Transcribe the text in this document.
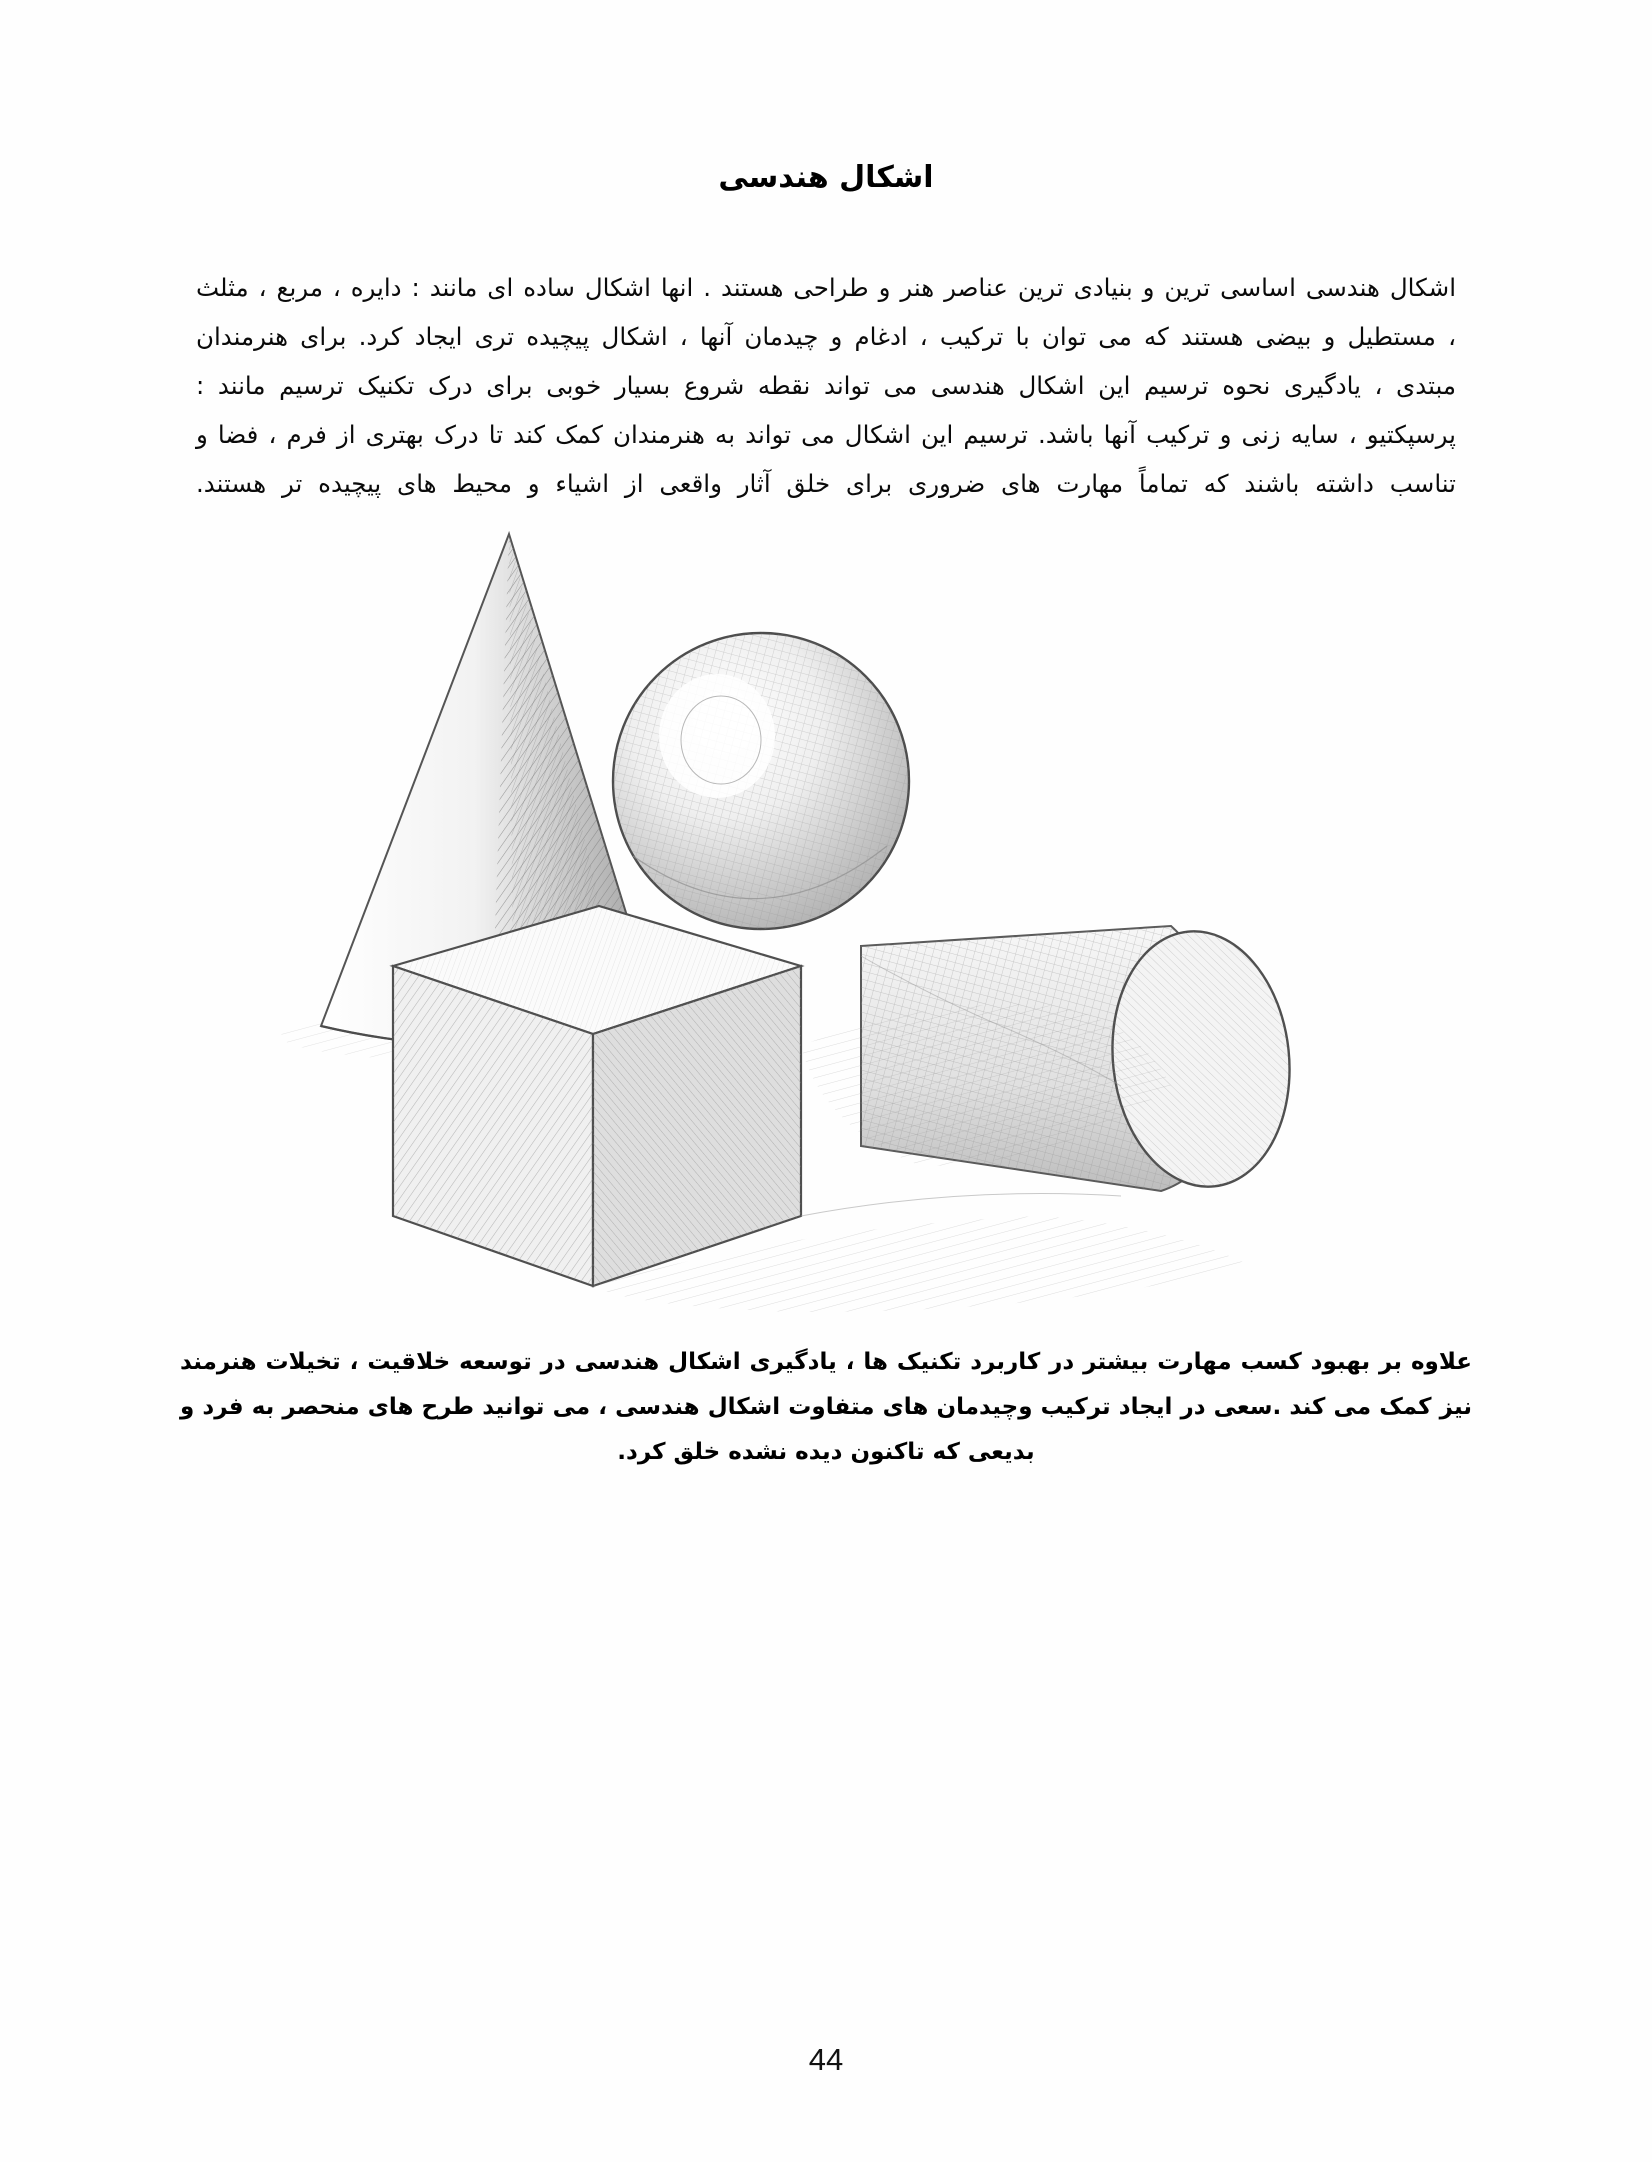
اشکال هندسی

اشکال هندسی اساسی ترین و بنیادی ترین عناصر هنر و طراحی هستند . انها اشکال ساده ای مانند : دایره ، مربع ، مثلث ، مستطیل و بیضی هستند که می توان با ترکیب ، ادغام و چیدمان آنها ، اشکال پیچیده تری ایجاد کرد. برای هنرمندان مبتدی ، یادگیری نحوه ترسیم این اشکال هندسی می تواند نقطه شروع بسیار خوبی برای درک تکنیک ترسیم مانند : پرسپکتیو ، سایه زنی و ترکیب آنها باشد. ترسیم این اشکال می تواند به هنرمندان کمک کند تا درک بهتری از فرم ، فضا و تناسب داشته باشند که تماماً مهارت های ضروری برای خلق آثار واقعی از اشیاء و محیط های پیچیده تر هستند.

علاوه بر بهبود کسب مهارت بیشتر در کاربرد تکنیک ها ، یادگیری اشکال هندسی در توسعه خلاقیت ، تخیلات هنرمند نیز کمک می کند .سعی در ایجاد ترکیب وچیدمان های متفاوت اشکال هندسی ، می توانید طرح های منحصر به فرد و بدیعی که تاکنون دیده نشده خلق کرد.

44
